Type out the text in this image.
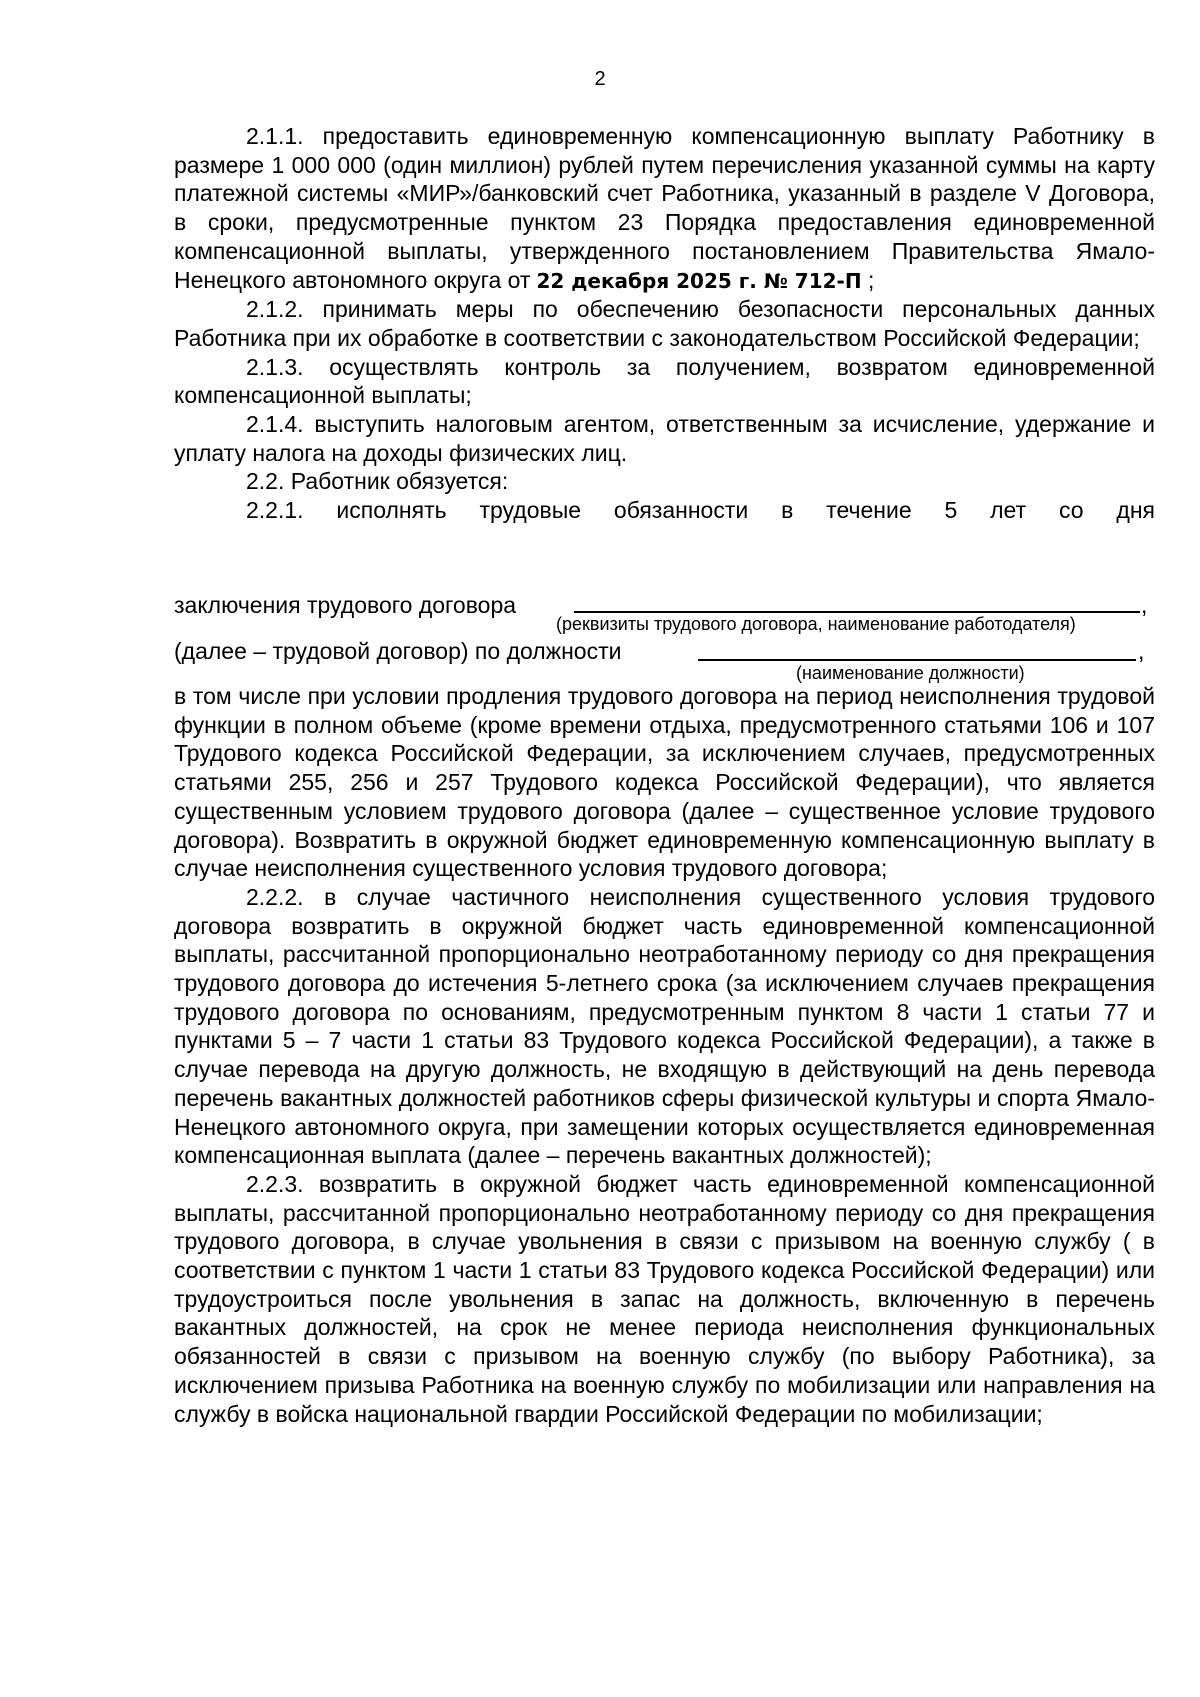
2

2.1.1. предоставить единовременную компенсационную выплату Работнику в размере 1 000 000 (один миллион) рублей путем перечисления указанной суммы на карту платежной системы «МИР»/банковский счет Работника, указанный в разделе V Договора, в сроки, предусмотренные пунктом 23 Порядка предоставления единовременной компенсационной выплаты, утвержденного постановлением Правительства Ямало-Ненецкого автономного округа от 22 декабря 2025 г. № 712-П ;

2.1.2. принимать меры по обеспечению безопасности персональных данных Работника при их обработке в соответствии с законодательством Российской Федерации;

2.1.3. осуществлять контроль за получением, возвратом единовременной компенсационной выплаты;

2.1.4. выступить налоговым агентом, ответственным за исчисление, удержание и уплату налога на доходы физических лиц.

2.2. Работник обязуется:

2.2.1. исполнять трудовые обязанности в течение 5 лет со дня

заключения трудового договора	,
(реквизиты трудового договора, наименование работодателя)
(далее – трудовой договор) по должности	,
(наименование должности)

в том числе при условии продления трудового договора на период неисполнения трудовой функции в полном объеме (кроме времени отдыха, предусмотренного статьями 106 и 107 Трудового кодекса Российской Федерации, за исключением случаев, предусмотренных статьями 255, 256 и 257 Трудового кодекса Российской Федерации), что является существенным условием трудового договора (далее – существенное условие трудового договора). Возвратить в окружной бюджет единовременную компенсационную выплату в случае неисполнения существенного условия трудового договора;

2.2.2. в случае частичного неисполнения существенного условия трудового договора возвратить в окружной бюджет часть единовременной компенсационной выплаты, рассчитанной пропорционально неотработанному периоду со дня прекращения трудового договора до истечения 5-летнего срока (за исключением случаев прекращения трудового договора по основаниям, предусмотренным пунктом 8 части 1 статьи 77 и пунктами 5 – 7 части 1 статьи 83 Трудового кодекса Российской Федерации), а также в случае перевода на другую должность, не входящую в действующий на день перевода перечень вакантных должностей работников сферы физической культуры и спорта Ямало-Ненецкого автономного округа, при замещении которых осуществляется единовременная компенсационная выплата (далее – перечень вакантных должностей);

2.2.3. возвратить в окружной бюджет часть единовременной компенсационной выплаты, рассчитанной пропорционально неотработанному периоду со дня прекращения трудового договора, в случае увольнения в связи с призывом на военную службу ( в соответствии с пунктом 1 части 1 статьи 83 Трудового кодекса Российской Федерации) или трудоустроиться после увольнения в запас на должность, включенную в перечень вакантных должностей, на срок не менее периода неисполнения функциональных обязанностей в связи с призывом на военную службу (по выбору Работника), за исключением призыва Работника на военную службу по мобилизации или направления на службу в войска национальной гвардии Российской Федерации по мобилизации;
